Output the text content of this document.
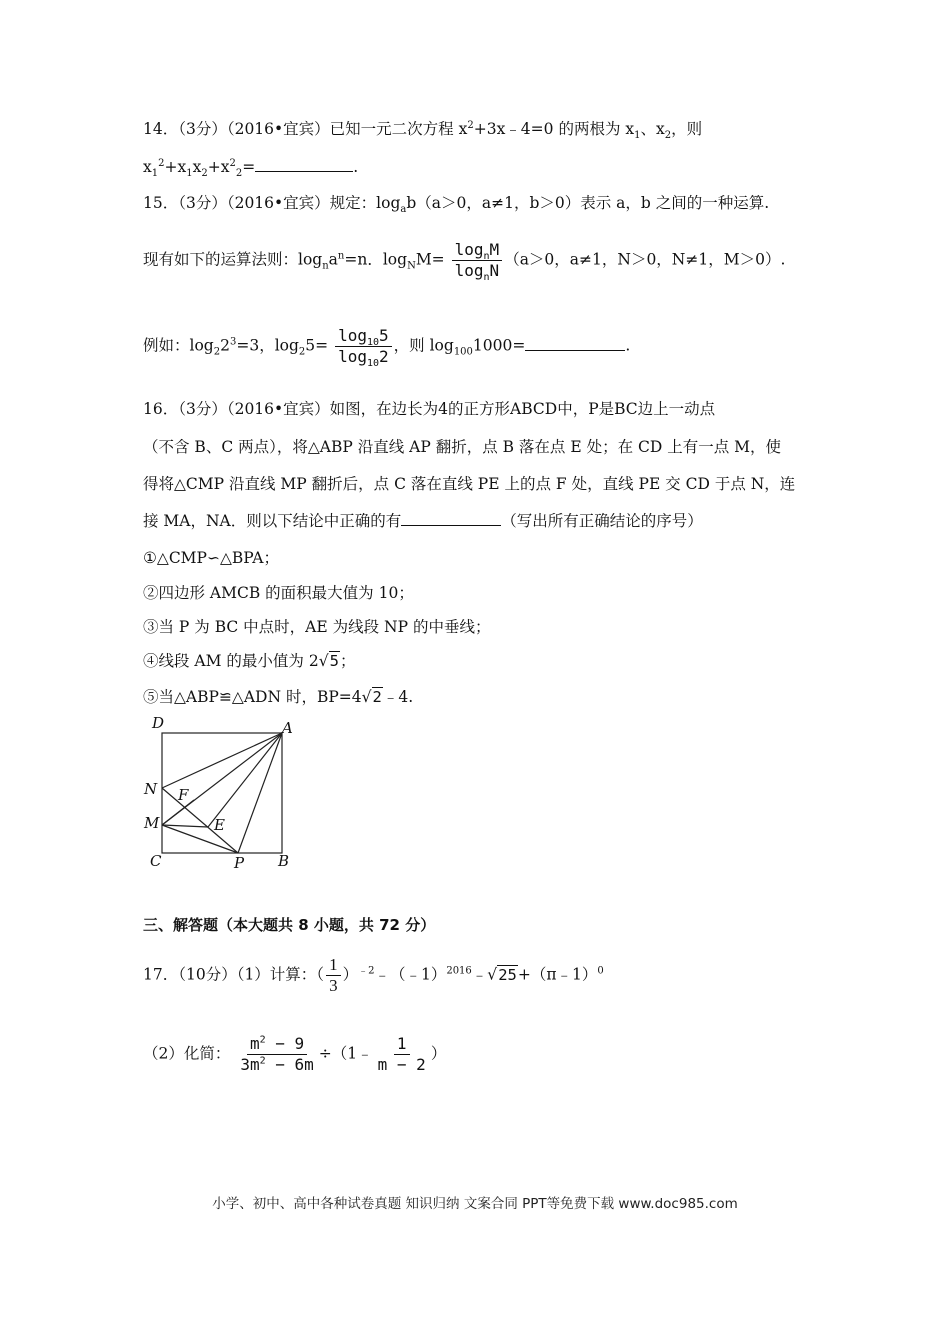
14．（3分）（2016•宜宾）已知一元二次方程 $x^2+3x﹣4=0$ 的两根为 $x_1$、$x_2$，则
$x_1^2+x_1x_2+x^2_2=$	.
15．（3分）（2016•宜宾）规定：$\log_ab(a>0$，a≠1，b＞0）表示 a，b 之间的一种运算.
现有如下的运算法则：$\log_na^n=n$．$\log_NM= \frac{\log_nM}{\log_nN} (a>0$，a≠1，N＞0，N≠1，M＞0）.
例如：$\log_22^3=3$，$\log_25= \frac{\log_{10}5}{\log_{10}2}$ ，则 $\log_{100}1000=$	.
16．（3分）（2016•宜宾）如图，在边长为4的正方形ABCD中，P是BC边上一动点
（不含 B、C 两点），将△ABP 沿直线 AP 翻折，点 B 落在点 E 处；在 CD 上有一点 M，使
得将△CMP 沿直线 MP 翻折后，点 C 落在直线 PE 上的点 F 处，直线 PE 交 CD 于点 N，连
接 MA，NA．则以下结论中正确的有	（写出所有正确结论的序号）
①△CMP∽△BPA；
②四边形 AMCB 的面积最大值为 10；
③当 P 为 BC 中点时，AE 为线段 NP 的中垂线；
④线段 AM 的最小值为 2√5；
⑤当△ABP≌△ADN 时，BP=4√2﹣4.
D	A
N F
M	E
C	P B
三、解答题（本大题共 8 小题，共 72 分）
17．（10分）（1）计算：（ $\frac{1}{3}$ ）$^{﹣2}$﹣（﹣1）$^{2016}$﹣√25+（π﹣1）$^0$
（2）化简： $\frac{m^2 - 9}{3m^2 - 6m}$ ÷（1﹣ $\frac{1}{m - 2}$ ）
小学、初中、高中各种试卷真题 知识归纳 文案合同 PPT等免费下载 www.doc985.com
